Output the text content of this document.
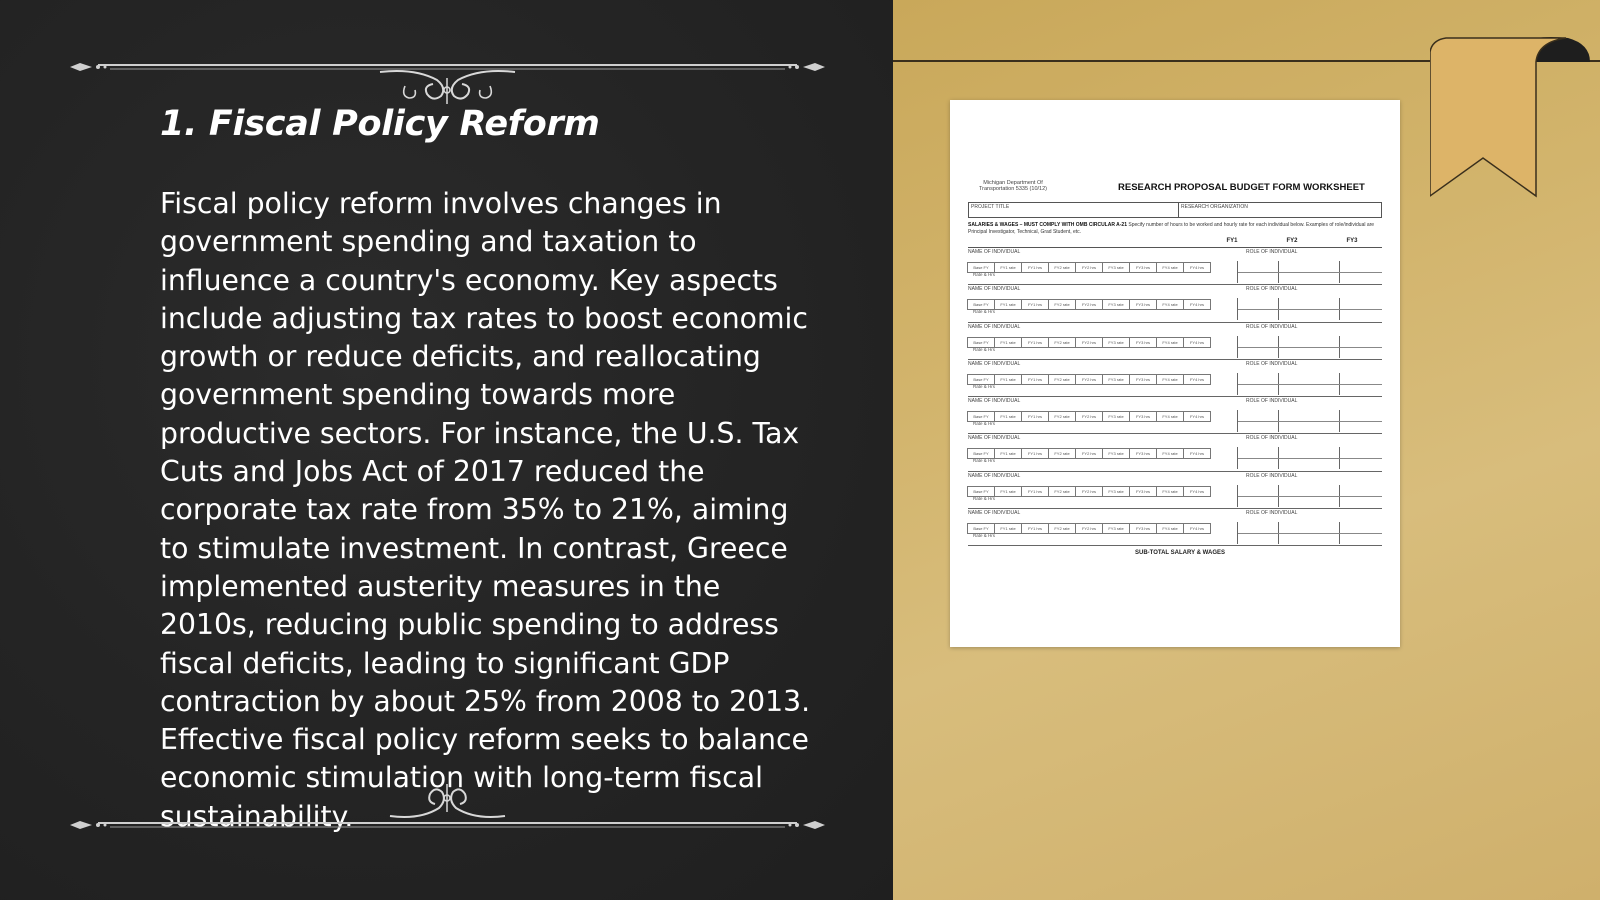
1. Fiscal Policy Reform

Fiscal policy reform involves changes in government spending and taxation to influence a country's economy. Key aspects include adjusting tax rates to boost economic growth or reduce deficits, and reallocating government spending towards more productive sectors. For instance, the U.S. Tax Cuts and Jobs Act of 2017 reduced the corporate tax rate from 35% to 21%, aiming to stimulate investment. In contrast, Greece implemented austerity measures in the 2010s, reducing public spending to address fiscal deficits, leading to significant GDP contraction by about 25% from 2008 to 2013. Effective fiscal policy reform seeks to balance economic stimulation with long-term fiscal sustainability.

Michigan Department Of Transportation 5335 (10/12)	RESEARCH PROPOSAL BUDGET FORM WORKSHEET
PROJECT TITLE	RESEARCH ORGANIZATION
SALARIES & WAGES – MUST COMPLY WITH OMB CIRCULAR A-21 Specify number of hours to be worked and hourly rate for each individual below. Examples of role/individual are Principal Investigator, Technical, Grad Student, etc.
FY1	FY2	FY3
NAME OF INDIVIDUAL	ROLE OF INDIVIDUAL
Base FY	FY1 rate	FY1 hrs	FY2 rate	FY2 hrs	FY3 rate	FY3 hrs	FY4 rate	FY4 hrs
Rate & Hrs
NAME OF INDIVIDUAL	ROLE OF INDIVIDUAL
Base FY	FY1 rate	FY1 hrs	FY2 rate	FY2 hrs	FY3 rate	FY3 hrs	FY4 rate	FY4 hrs
Rate & Hrs
NAME OF INDIVIDUAL	ROLE OF INDIVIDUAL
Base FY	FY1 rate	FY1 hrs	FY2 rate	FY2 hrs	FY3 rate	FY3 hrs	FY4 rate	FY4 hrs
Rate & Hrs
NAME OF INDIVIDUAL	ROLE OF INDIVIDUAL
Base FY	FY1 rate	FY1 hrs	FY2 rate	FY2 hrs	FY3 rate	FY3 hrs	FY4 rate	FY4 hrs
Rate & Hrs
NAME OF INDIVIDUAL	ROLE OF INDIVIDUAL
Base FY	FY1 rate	FY1 hrs	FY2 rate	FY2 hrs	FY3 rate	FY3 hrs	FY4 rate	FY4 hrs
Rate & Hrs
NAME OF INDIVIDUAL	ROLE OF INDIVIDUAL
Base FY	FY1 rate	FY1 hrs	FY2 rate	FY2 hrs	FY3 rate	FY3 hrs	FY4 rate	FY4 hrs
Rate & Hrs
NAME OF INDIVIDUAL	ROLE OF INDIVIDUAL
Base FY	FY1 rate	FY1 hrs	FY2 rate	FY2 hrs	FY3 rate	FY3 hrs	FY4 rate	FY4 hrs
Rate & Hrs
NAME OF INDIVIDUAL	ROLE OF INDIVIDUAL
Base FY	FY1 rate	FY1 hrs	FY2 rate	FY2 hrs	FY3 rate	FY3 hrs	FY4 rate	FY4 hrs
Rate & Hrs
SUB-TOTAL SALARY & WAGES
